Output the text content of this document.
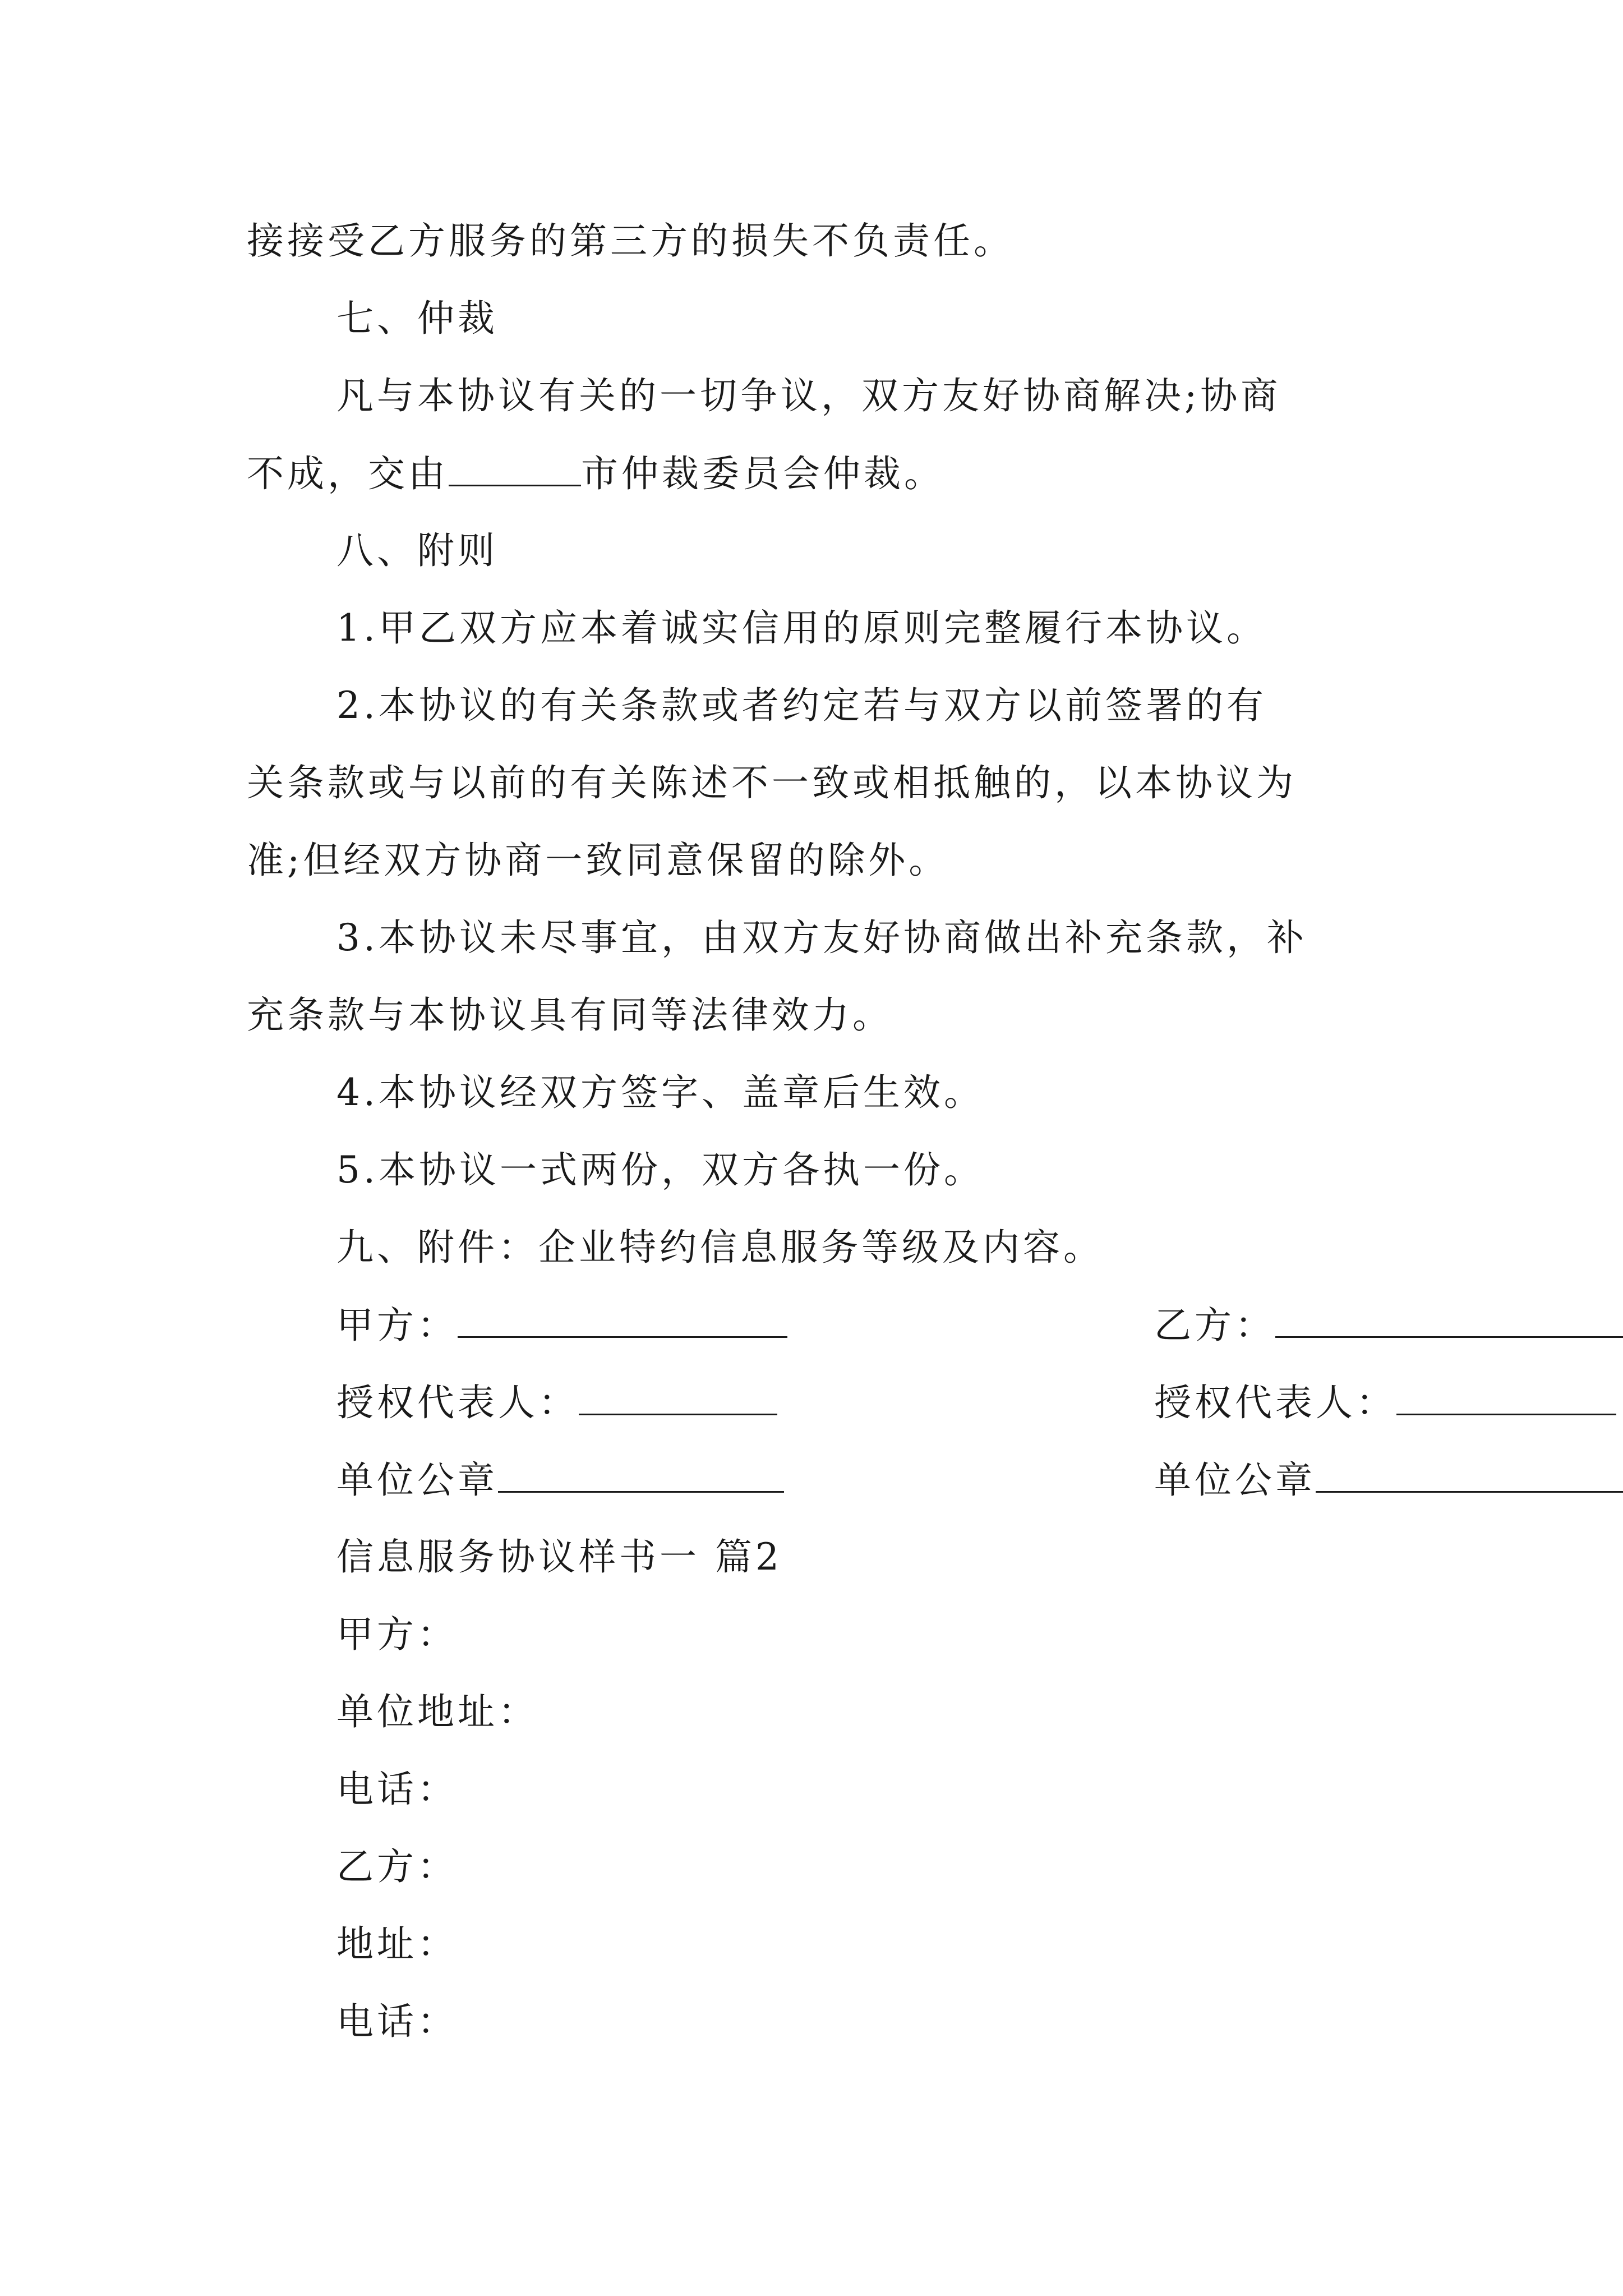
接接受乙方服务的第三方的损失不负责任。
七、仲裁
凡与本协议有关的一切争议，双方友好协商解决;协商
不成，交由	市仲裁委员会仲裁。
八、附则
1.甲乙双方应本着诚实信用的原则完整履行本协议。
2.本协议的有关条款或者约定若与双方以前签署的有
关条款或与以前的有关陈述不一致或相抵触的，以本协议为
准;但经双方协商一致同意保留的除外。
3.本协议未尽事宜，由双方友好协商做出补充条款，补
充条款与本协议具有同等法律效力。
4.本协议经双方签字、盖章后生效。
5.本协议一式两份，双方各执一份。
九、附件：企业特约信息服务等级及内容。
甲方：	乙方：
授权代表人：	授权代表人：
单位公章	单位公章
信息服务协议样书一 篇2
甲方：
单位地址：
电话：
乙方：
地址：
电话：
